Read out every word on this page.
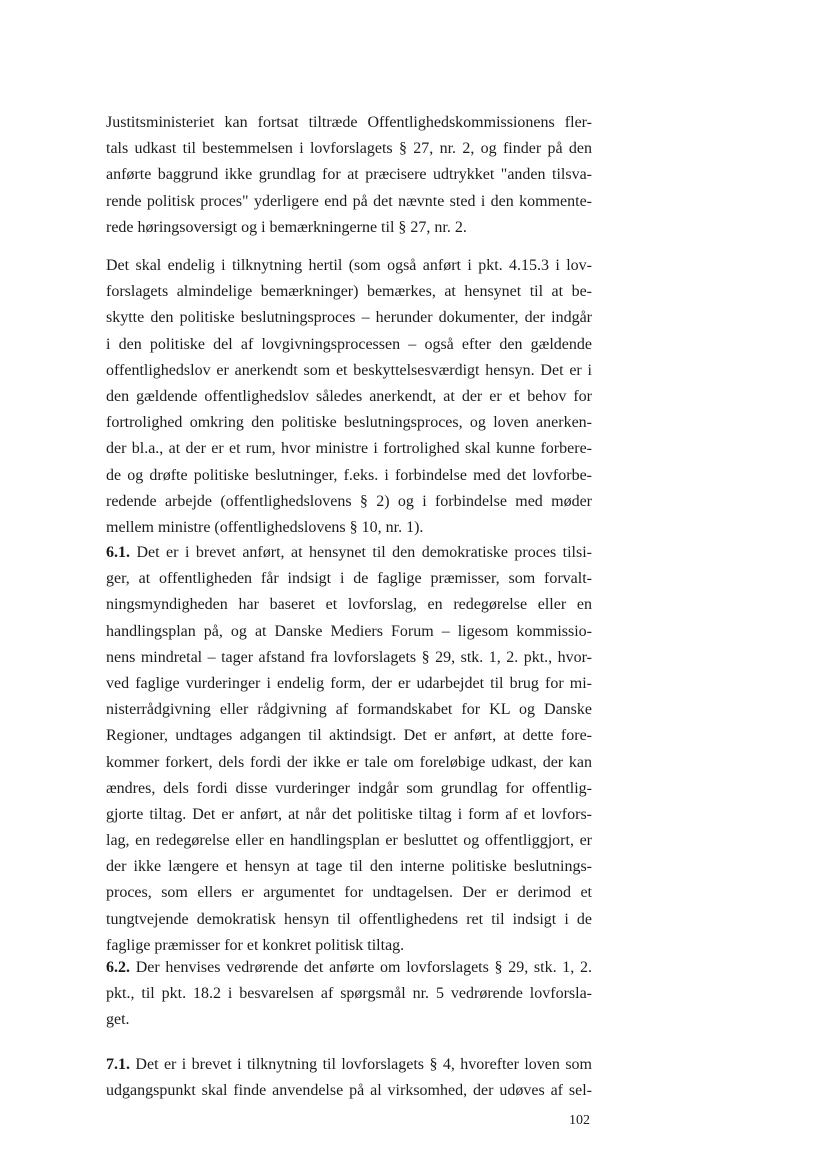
Justitsministeriet kan fortsat tiltræde Offentlighedskommissionens fler-
tals udkast til bestemmelsen i lovforslagets § 27, nr. 2, og finder på den
anførte baggrund ikke grundlag for at præcisere udtrykket "anden tilsva-
rende politisk proces" yderligere end på det nævnte sted i den kommente-
rede høringsoversigt og i bemærkningerne til § 27, nr. 2.
Det skal endelig i tilknytning hertil (som også anført i pkt. 4.15.3 i lov-
forslagets almindelige bemærkninger) bemærkes, at hensynet til at be-
skytte den politiske beslutningsproces – herunder dokumenter, der indgår
i den politiske del af lovgivningsprocessen – også efter den gældende
offentlighedslov er anerkendt som et beskyttelsesværdigt hensyn. Det er i
den gældende offentlighedslov således anerkendt, at der er et behov for
fortrolighed omkring den politiske beslutningsproces, og loven anerken-
der bl.a., at der er et rum, hvor ministre i fortrolighed skal kunne forbere-
de og drøfte politiske beslutninger, f.eks. i forbindelse med det lovforbe-
redende arbejde (offentlighedslovens § 2) og i forbindelse med møder
mellem ministre (offentlighedslovens § 10, nr. 1).
6.1. Det er i brevet anført, at hensynet til den demokratiske proces tilsi-
ger, at offentligheden får indsigt i de faglige præmisser, som forvalt-
ningsmyndigheden har baseret et lovforslag, en redegørelse eller en
handlingsplan på, og at Danske Mediers Forum – ligesom kommissio-
nens mindretal – tager afstand fra lovforslagets § 29, stk. 1, 2. pkt., hvor-
ved faglige vurderinger i endelig form, der er udarbejdet til brug for mi-
nisterrådgivning eller rådgivning af formandskabet for KL og Danske
Regioner, undtages adgangen til aktindsigt. Det er anført, at dette fore-
kommer forkert, dels fordi der ikke er tale om foreløbige udkast, der kan
ændres, dels fordi disse vurderinger indgår som grundlag for offentlig-
gjorte tiltag. Det er anført, at når det politiske tiltag i form af et lovfors-
lag, en redegørelse eller en handlingsplan er besluttet og offentliggjort, er
der ikke længere et hensyn at tage til den interne politiske beslutnings-
proces, som ellers er argumentet for undtagelsen. Der er derimod et
tungtvejende demokratisk hensyn til offentlighedens ret til indsigt i de
faglige præmisser for et konkret politisk tiltag.
6.2. Der henvises vedrørende det anførte om lovforslagets § 29, stk. 1, 2.
pkt., til pkt. 18.2 i besvarelsen af spørgsmål nr. 5 vedrørende lovforsla-
get.
7.1. Det er i brevet i tilknytning til lovforslagets § 4, hvorefter loven som
udgangspunkt skal finde anvendelse på al virksomhed, der udøves af sel-
102
